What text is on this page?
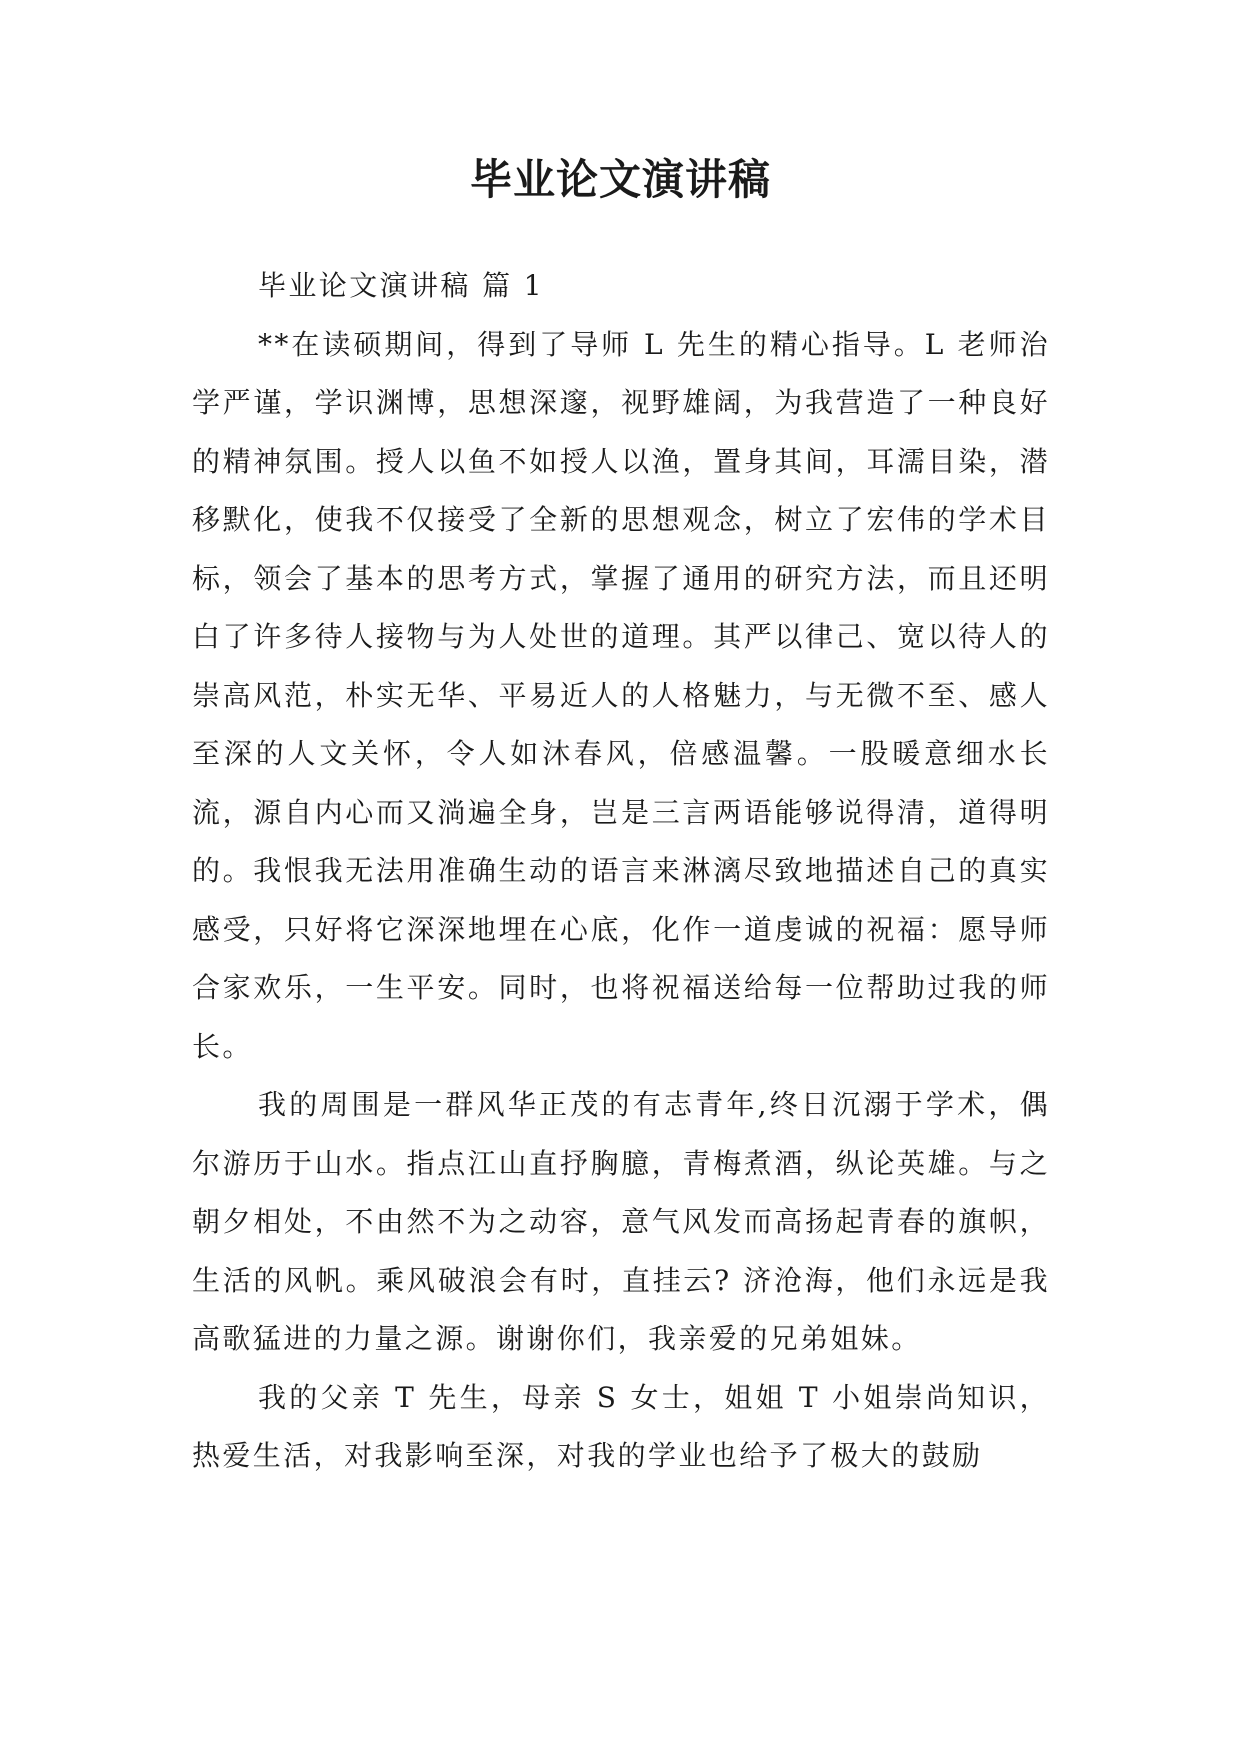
毕业论文演讲稿
毕业论文演讲稿 篇 1

**在读硕期间，得到了导师 L 先生的精心指导。L 老师治学严谨，学识渊博，思想深邃，视野雄阔，为我营造了一种良好的精神氛围。授人以鱼不如授人以渔，置身其间，耳濡目染，潜移默化，使我不仅接受了全新的思想观念，树立了宏伟的学术目标，领会了基本的思考方式，掌握了通用的研究方法，而且还明白了许多待人接物与为人处世的道理。其严以律己、宽以待人的崇高风范，朴实无华、平易近人的人格魅力，与无微不至、感人至深的人文关怀，令人如沐春风，倍感温馨。一股暖意细水长流，源自内心而又淌遍全身，岂是三言两语能够说得清，道得明的。我恨我无法用准确生动的语言来淋漓尽致地描述自己的真实感受，只好将它深深地埋在心底，化作一道虔诚的祝福：愿导师合家欢乐，一生平安。同时，也将祝福送给每一位帮助过我的师长。

我的周围是一群风华正茂的有志青年,终日沉溺于学术，偶尔游历于山水。指点江山直抒胸臆，青梅煮酒，纵论英雄。与之朝夕相处，不由然不为之动容，意气风发而高扬起青春的旗帜，生活的风帆。乘风破浪会有时，直挂云? 济沧海，他们永远是我高歌猛进的力量之源。谢谢你们，我亲爱的兄弟姐妹。

我的父亲 T 先生，母亲 S 女士，姐姐 T 小姐崇尚知识，热爱生活，对我影响至深，对我的学业也给予了极大的鼓励
